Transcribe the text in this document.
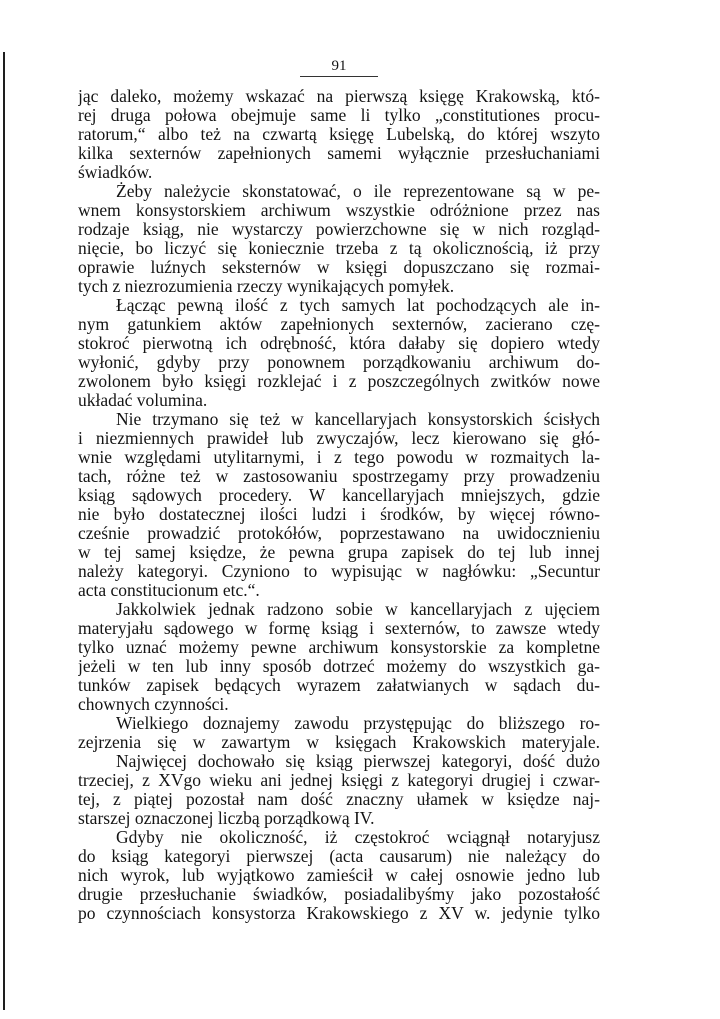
91
jąc daleko, możemy wskazać na pierwszą księgę Krakowską, któ-
rej druga połowa obejmuje same li tylko „constitutiones procu-
ratorum,“ albo też na czwartą księgę Lubelską, do której wszyto
kilka sexternów zapełnionych samemi wyłącznie przesłuchaniami
świadków.
Żeby należycie skonstatować, o ile reprezentowane są w pe-
wnem konsystorskiem archiwum wszystkie odróżnione przez nas
rodzaje ksiąg, nie wystarczy powierzchowne się w nich rozgląd-
nięcie, bo liczyć się koniecznie trzeba z tą okolicznością, iż przy
oprawie luźnych seksternów w księgi dopuszczano się rozmai-
tych z niezrozumienia rzeczy wynikających pomyłek.
Łącząc pewną ilość z tych samych lat pochodzących ale in-
nym gatunkiem aktów zapełnionych sexternów, zacierano czę-
stokroć pierwotną ich odrębność, która dałaby się dopiero wtedy
wyłonić, gdyby przy ponownem porządkowaniu archiwum do-
zwolonem było księgi rozklejać i z poszczególnych zwitków nowe
układać volumina.
Nie trzymano się też w kancellaryjach konsystorskich ścisłych
i niezmiennych prawideł lub zwyczajów, lecz kierowano się głó-
wnie względami utylitarnymi, i z tego powodu w rozmaitych la-
tach, różne też w zastosowaniu spostrzegamy przy prowadzeniu
ksiąg sądowych procedery. W kancellaryjach mniejszych, gdzie
nie było dostatecznej ilości ludzi i środków, by więcej równo-
cześnie prowadzić protokółów, poprzestawano na uwidocznieniu
w tej samej księdze, że pewna grupa zapisek do tej lub innej
należy kategoryi. Czyniono to wypisując w nagłówku: „Secuntur
acta constitucionum etc.“.
Jakkolwiek jednak radzono sobie w kancellaryjach z ujęciem
materyjału sądowego w formę ksiąg i sexternów, to zawsze wtedy
tylko uznać możemy pewne archiwum konsystorskie za kompletne
jeżeli w ten lub inny sposób dotrzeć możemy do wszystkich ga-
tunków zapisek będących wyrazem załatwianych w sądach du-
chownych czynności.
Wielkiego doznajemy zawodu przystępując do bliższego ro-
zejrzenia się w zawartym w księgach Krakowskich materyjale.
Najwięcej dochowało się ksiąg pierwszej kategoryi, dość dużo
trzeciej, z XVgo wieku ani jednej księgi z kategoryi drugiej i czwar-
tej, z piątej pozostał nam dość znaczny ułamek w księdze naj-
starszej oznaczonej liczbą porządkową IV.
Gdyby nie okoliczność, iż częstokroć wciągnął notaryjusz
do ksiąg kategoryi pierwszej (acta causarum) nie należący do
nich wyrok, lub wyjątkowo zamieścił w całej osnowie jedno lub
drugie przesłuchanie świadków, posiadalibyśmy jako pozostałość
po czynnościach konsystorza Krakowskiego z XV w. jedynie tylko
